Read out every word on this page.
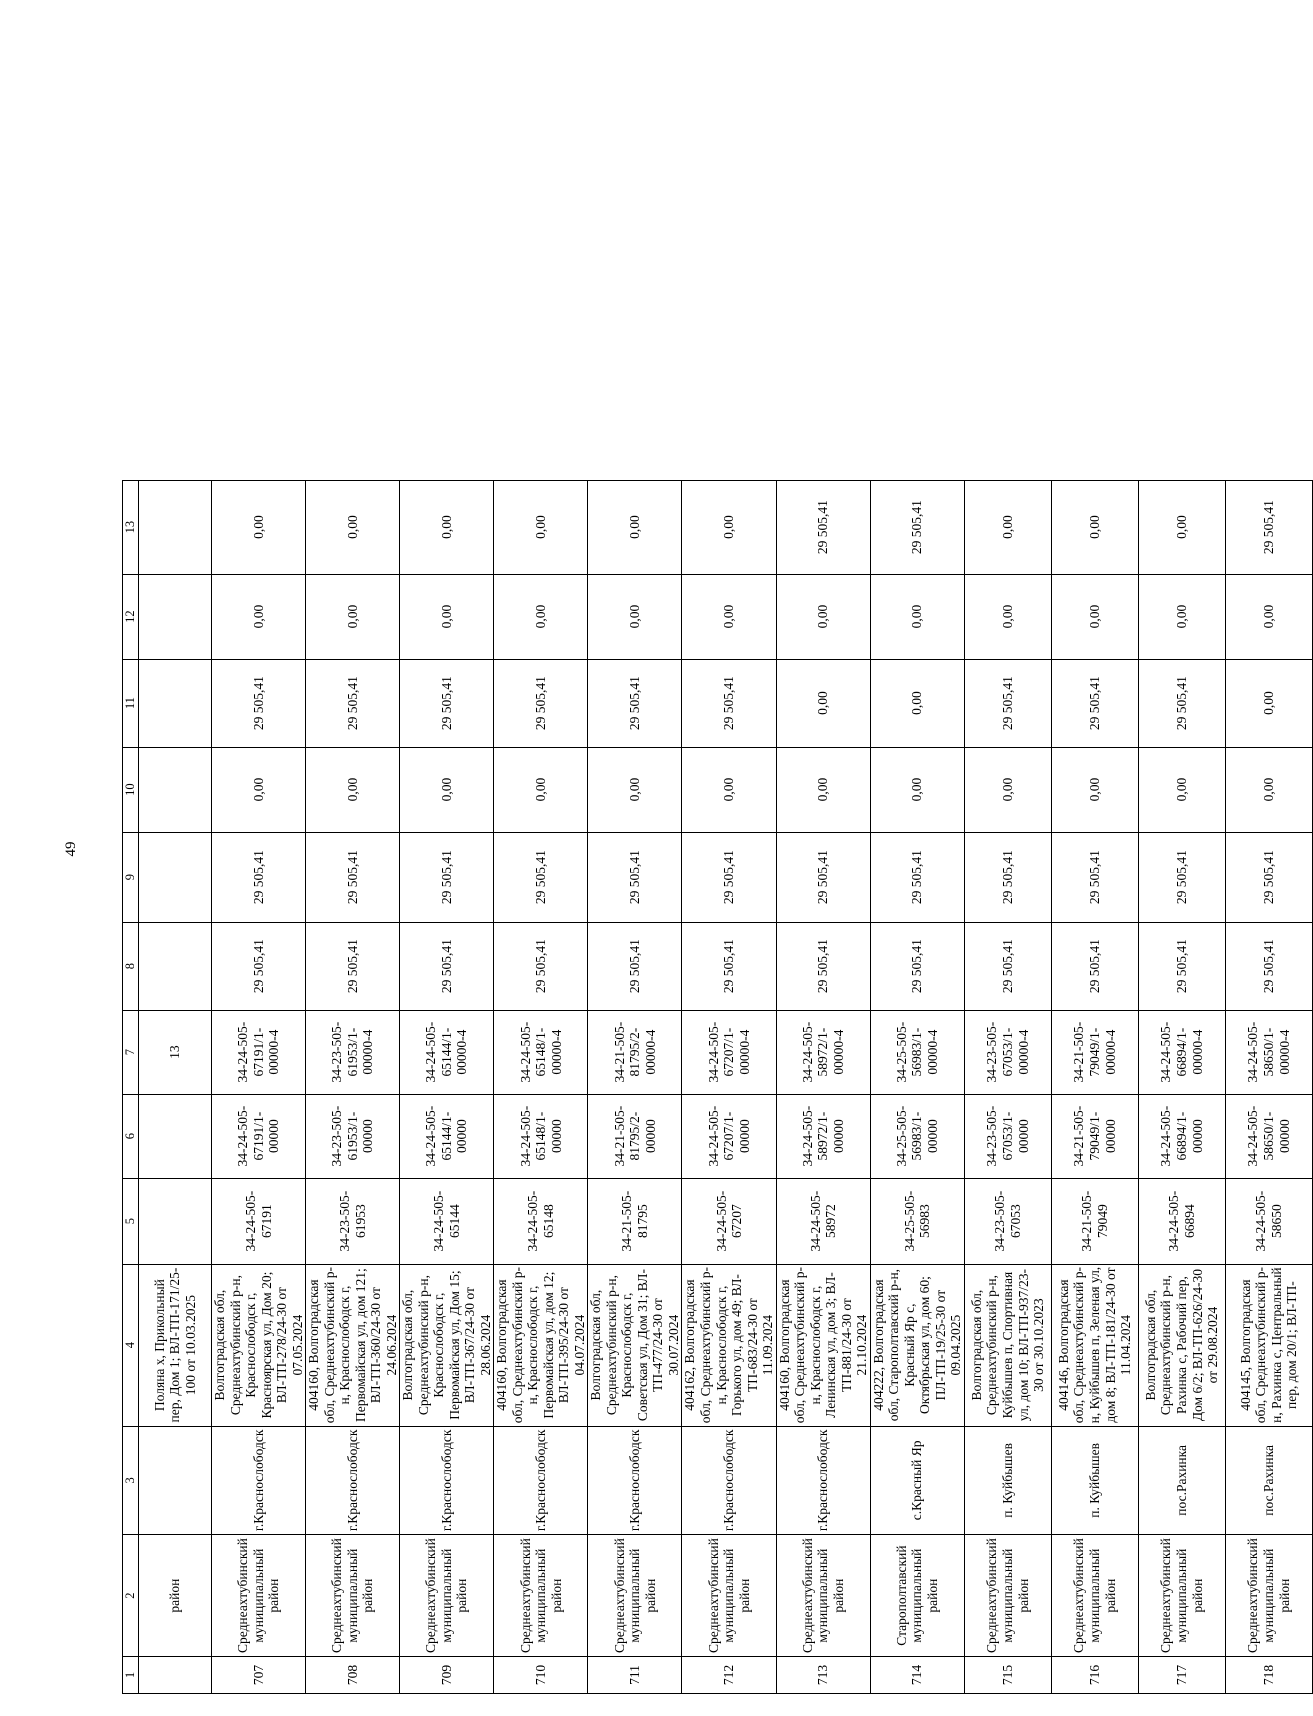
49
1	2	3	4	5	6	7	8	9	10	11	12	13
	район		Поляна х, Прикольный пер, Дом 1; ВЛ-ТП-171/25-100 от 10.03.2025			13						
707	Среднеахтубинский муниципальный район	г.Краснослободск	Волгоградская обл, Среднеахтубинский р-н, Краснослободск г, Красноярская ул, Дом 20; ВЛ-ТП-278/24-30 от 07.05.2024	34-24-505-67191	34-24-505-67191/1-00000	34-24-505-67191/1-00000-4	29 505,41	29 505,41	0,00	29 505,41	0,00	0,00
708	Среднеахтубинский муниципальный район	г.Краснослободск	404160, Волгоградская обл, Среднеахтубинский р-н, Краснослободск г, Первомайская ул, дом 121; ВЛ-ТП-360/24-30 от 24.06.2024	34-23-505-61953	34-23-505-61953/1-00000	34-23-505-61953/1-00000-4	29 505,41	29 505,41	0,00	29 505,41	0,00	0,00
709	Среднеахтубинский муниципальный район	г.Краснослободск	Волгоградская обл, Среднеахтубинский р-н, Краснослободск г, Первомайская ул, Дом 15; ВЛ-ТП-367/24-30 от 28.06.2024	34-24-505-65144	34-24-505-65144/1-00000	34-24-505-65144/1-00000-4	29 505,41	29 505,41	0,00	29 505,41	0,00	0,00
710	Среднеахтубинский муниципальный район	г.Краснослободск	404160, Волгоградская обл, Среднеахтубинский р-н, Краснослободск г, Первомайская ул, дом 12; ВЛ-ТП-395/24-30 от 04.07.2024	34-24-505-65148	34-24-505-65148/1-00000	34-24-505-65148/1-00000-4	29 505,41	29 505,41	0,00	29 505,41	0,00	0,00
711	Среднеахтубинский муниципальный район	г.Краснослободск	Волгоградская обл, Среднеахтубинский р-н, Краснослободск г, Советская ул, Дом 31; ВЛ-ТП-477/24-30 от 30.07.2024	34-21-505-81795	34-21-505-81795/2-00000	34-21-505-81795/2-00000-4	29 505,41	29 505,41	0,00	29 505,41	0,00	0,00
712	Среднеахтубинский муниципальный район	г.Краснослободск	404162, Волгоградская обл, Среднеахтубинский р-н, Краснослободск г, Горького ул, дом 49; ВЛ-ТП-683/24-30 от 11.09.2024	34-24-505-67207	34-24-505-67207/1-00000	34-24-505-67207/1-00000-4	29 505,41	29 505,41	0,00	29 505,41	0,00	0,00
713	Среднеахтубинский муниципальный район	г.Краснослободск	404160, Волгоградская обл, Среднеахтубинский р-н, Краснослободск г, Ленинская ул, дом 3; ВЛ-ТП-881/24-30 от 21.10.2024	34-24-505-58972	34-24-505-58972/1-00000	34-24-505-58972/1-00000-4	29 505,41	29 505,41	0,00	0,00	0,00	29 505,41
714	Старополтавский муниципальный район	с.Красный Яр	404222, Волгоградская обл, Старополтавский р-н, Красный Яр с, Октябрьская ул, дом 60; ПЛ-ТП-19/25-30 от 09.04.2025	34-25-505-56983	34-25-505-56983/1-00000	34-25-505-56983/1-00000-4	29 505,41	29 505,41	0,00	0,00	0,00	29 505,41
715	Среднеахтубинский муниципальный район	п. Куйбышев	Волгоградская обл, Среднеахтубинский р-н, Куйбышев п, Спортивная ул, дом 10; ВЛ-ТП-937/23-30 от 30.10.2023	34-23-505-67053	34-23-505-67053/1-00000	34-23-505-67053/1-00000-4	29 505,41	29 505,41	0,00	29 505,41	0,00	0,00
716	Среднеахтубинский муниципальный район	п. Куйбышев	404146, Волгоградская обл, Среднеахтубинский р-н, Куйбышев п, Зеленая ул, дом 8; ВЛ-ТП-181/24-30 от 11.04.2024	34-21-505-79049	34-21-505-79049/1-00000	34-21-505-79049/1-00000-4	29 505,41	29 505,41	0,00	29 505,41	0,00	0,00
717	Среднеахтубинский муниципальный район	пос.Рахинка	Волгоградская обл, Среднеахтубинский р-н, Рахинка с, Рабочий пер, Дом 6/2; ВЛ-ТП-626/24-30 от 29.08.2024	34-24-505-66894	34-24-505-66894/1-00000	34-24-505-66894/1-00000-4	29 505,41	29 505,41	0,00	29 505,41	0,00	0,00
718	Среднеахтубинский муниципальный район	пос.Рахинка	404145, Волгоградская обл, Среднеахтубинский р-н, Рахинка с, Центральный пер, дом 20/1; ВЛ-ТП-	34-24-505-58650	34-24-505-58650/1-00000	34-24-505-58650/1-00000-4	29 505,41	29 505,41	0,00	0,00	0,00	29 505,41
